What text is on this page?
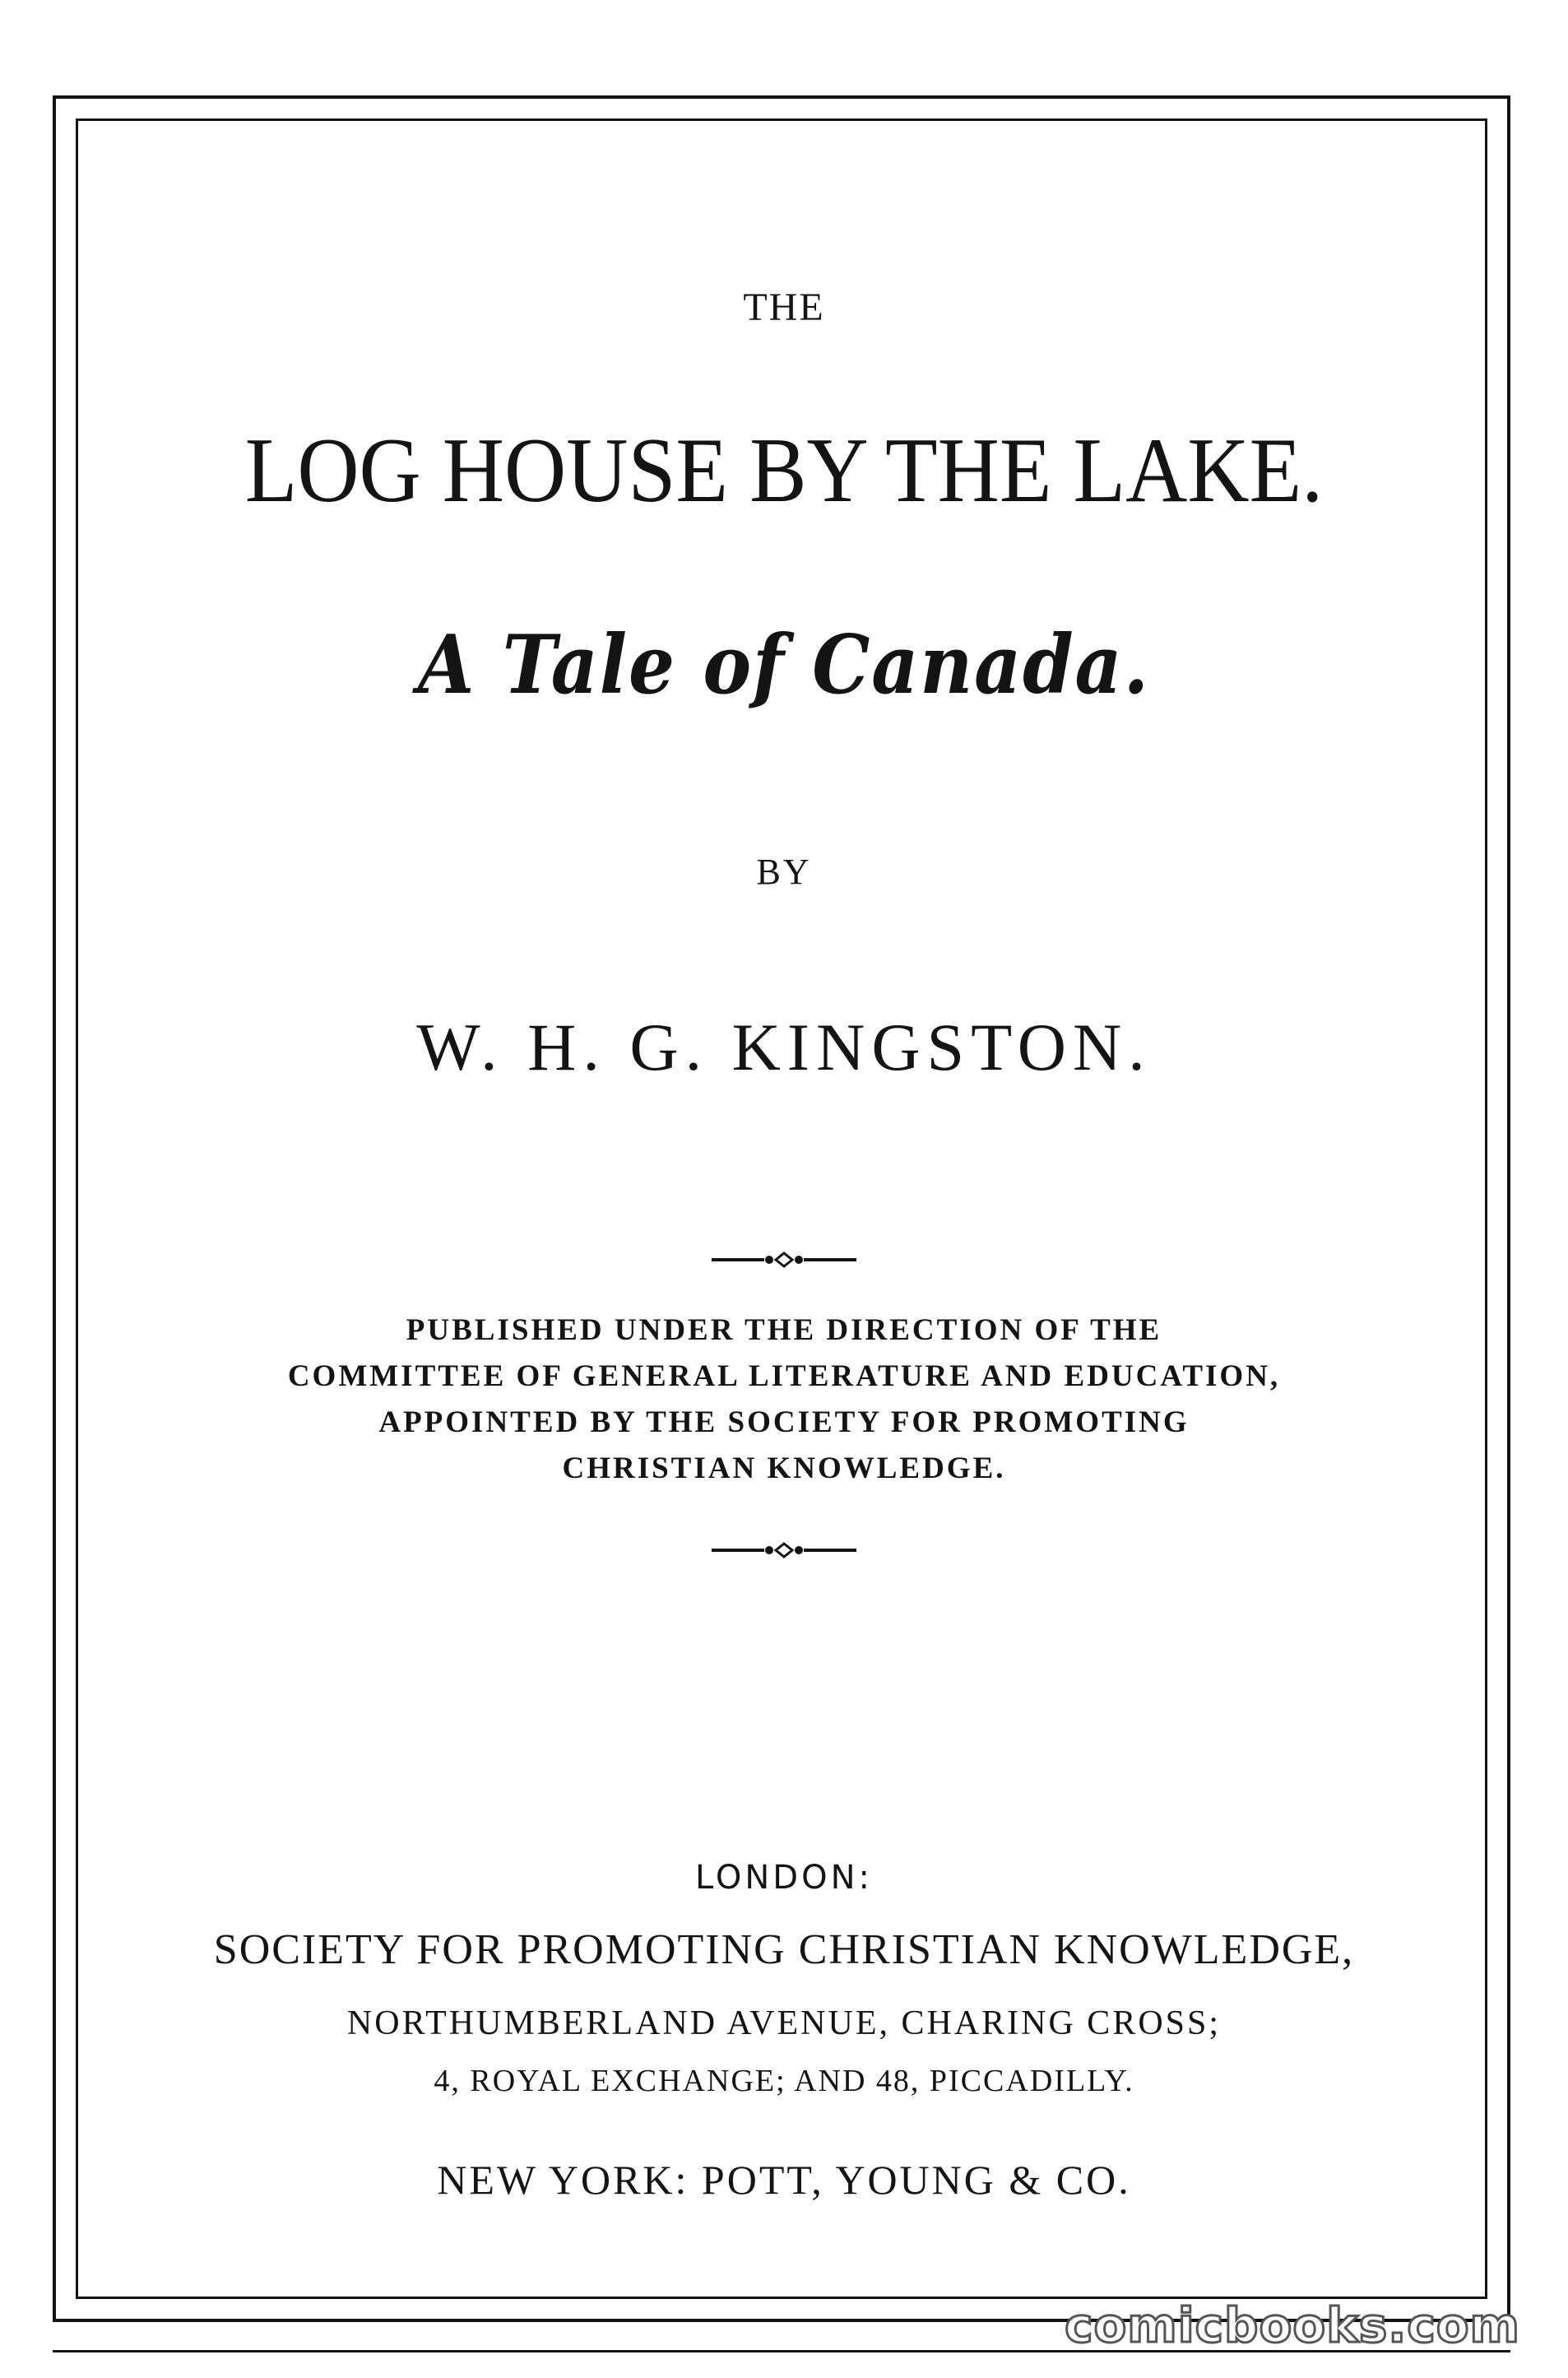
THE
LOG HOUSE BY THE LAKE.
A Tale of Canada.
BY
W. H. G. KINGSTON.
PUBLISHED UNDER THE DIRECTION OF THE
COMMITTEE OF GENERAL LITERATURE AND EDUCATION,
APPOINTED BY THE SOCIETY FOR PROMOTING
CHRISTIAN KNOWLEDGE.
LONDON:
SOCIETY FOR PROMOTING CHRISTIAN KNOWLEDGE,
NORTHUMBERLAND AVENUE, CHARING CROSS;
4, ROYAL EXCHANGE; AND 48, PICCADILLY.
NEW YORK: POTT, YOUNG & CO.
comicbooks.com
